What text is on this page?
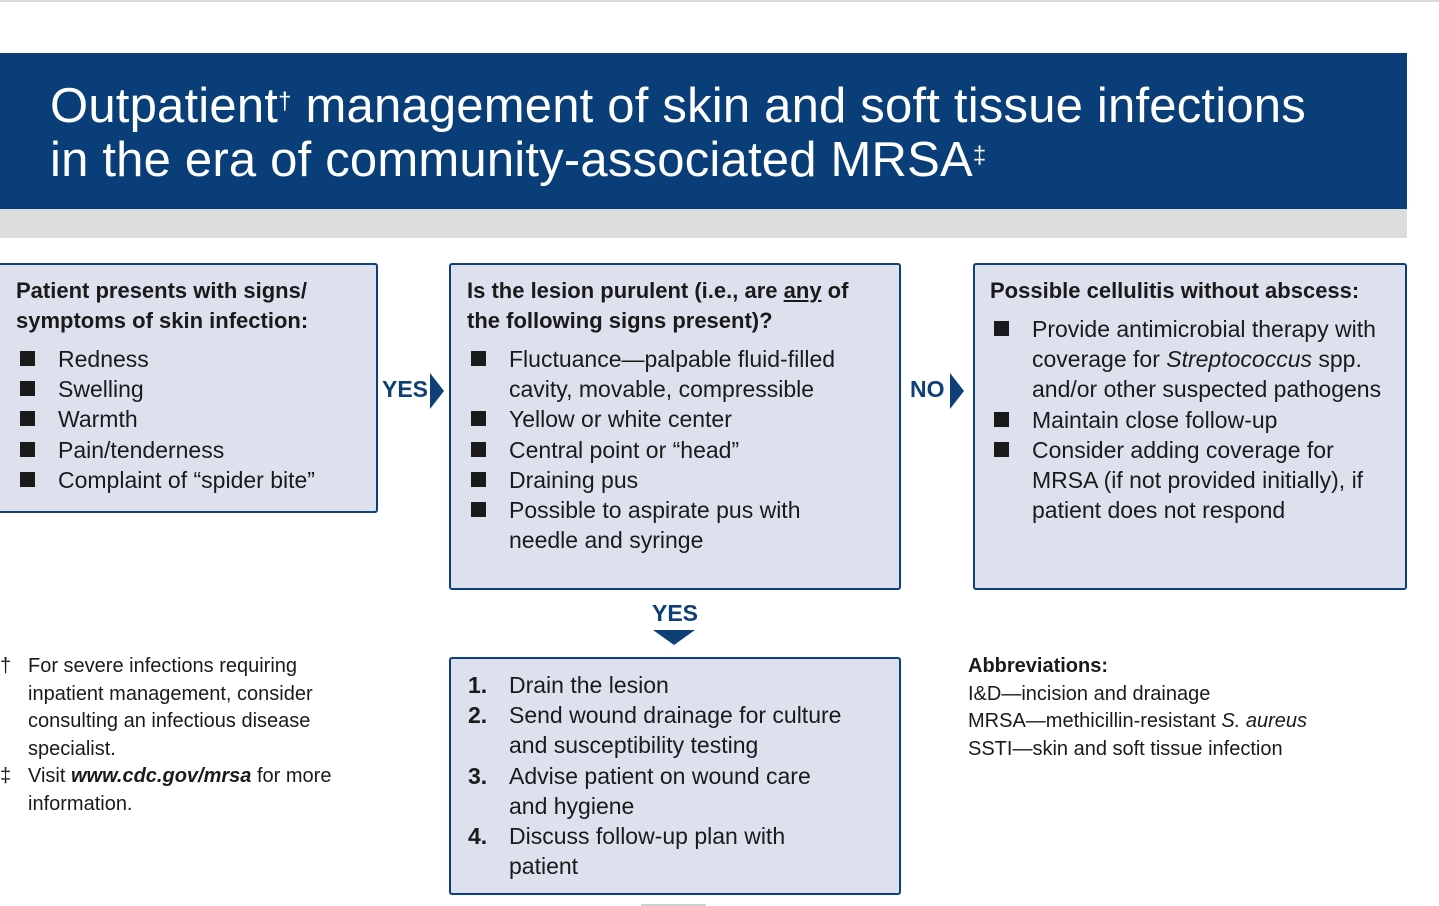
Outpatient† management of skin and soft tissue infections
in the era of community-associated MRSA‡

Patient presents with signs/ symptoms of skin infection:

Redness
Swelling
Warmth
Pain/tenderness
Complaint of “spider bite”
YES

Is the lesion purulent (i.e., are any of the following signs present)?

Fluctuance—palpable fluid-filled cavity, movable, compressible
Yellow or white center
Central point or “head”
Draining pus
Possible to aspirate pus with needle and syringe
NO

Possible cellulitis without abscess:

Provide antimicrobial therapy with coverage for Streptococcus spp. and/or other suspected pathogens
Maintain close follow-up
Consider adding coverage for MRSA (if not provided initially), if patient does not respond
YES
1. Drain the lesion
2. Send wound drainage for culture and susceptibility testing
3. Advise patient on wound care and hygiene
4. Discuss follow-up plan with patient
† For severe infections requiring inpatient management, consider consulting an infectious disease specialist.
‡ Visit www.cdc.gov/mrsa for more information.
Abbreviations:
I&D—incision and drainage
MRSA—methicillin-resistant S. aureus
SSTI—skin and soft tissue infection
